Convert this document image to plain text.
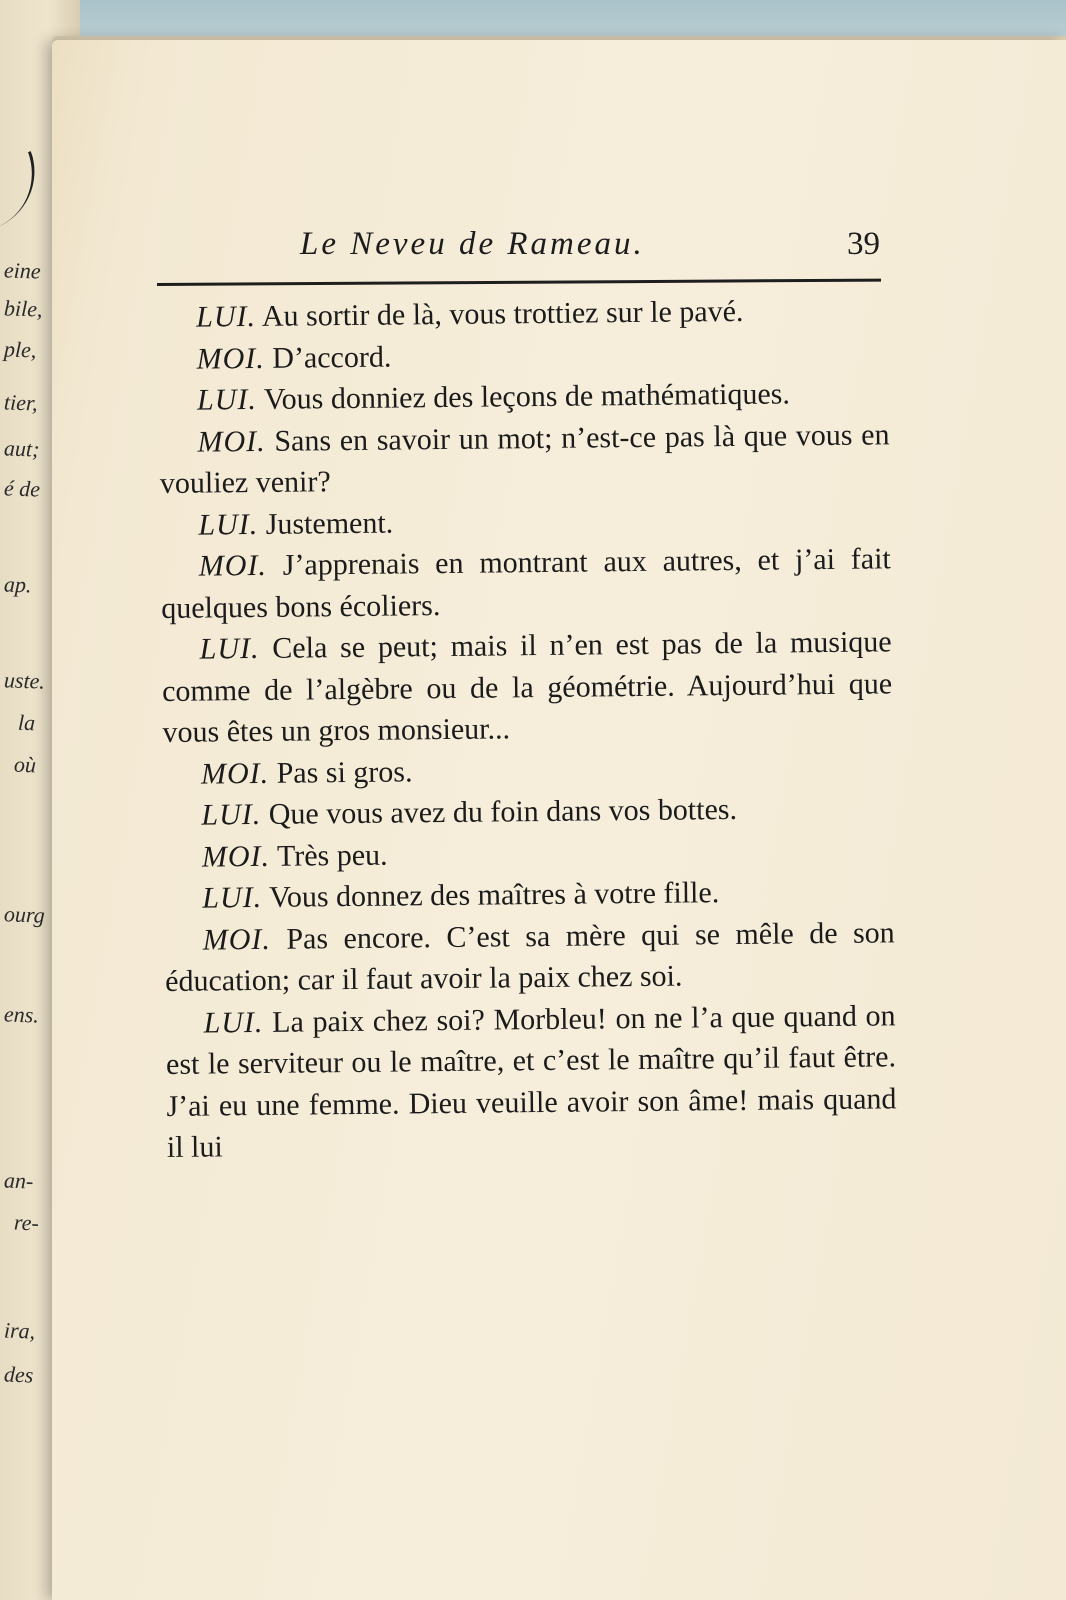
eine
bile,
ple,
tier,
aut;
é de
ap.
uste.
la
où
ourg
ens.
an-
re-
ira,
des
Le Neveu de Rameau.	39

LUI. Au sortir de là, vous trottiez sur le pavé.

MOI. D’accord.

LUI. Vous donniez des leçons de mathématiques.

MOI. Sans en savoir un mot; n’est-ce pas là que vous en vouliez venir?

LUI. Justement.

MOI. J’apprenais en montrant aux autres, et j’ai fait quelques bons écoliers.

LUI. Cela se peut; mais il n’en est pas de la musique comme de l’algèbre ou de la géométrie. Aujourd’hui que vous êtes un gros monsieur...

MOI. Pas si gros.

LUI. Que vous avez du foin dans vos bottes.

MOI. Très peu.

LUI. Vous donnez des maîtres à votre fille.

MOI. Pas encore. C’est sa mère qui se mêle de son éducation; car il faut avoir la paix chez soi.

LUI. La paix chez soi? Morbleu! on ne l’a que quand on est le serviteur ou le maître, et c’est le maître qu’il faut être. J’ai eu une femme. Dieu veuille avoir son âme! mais quand il lui
